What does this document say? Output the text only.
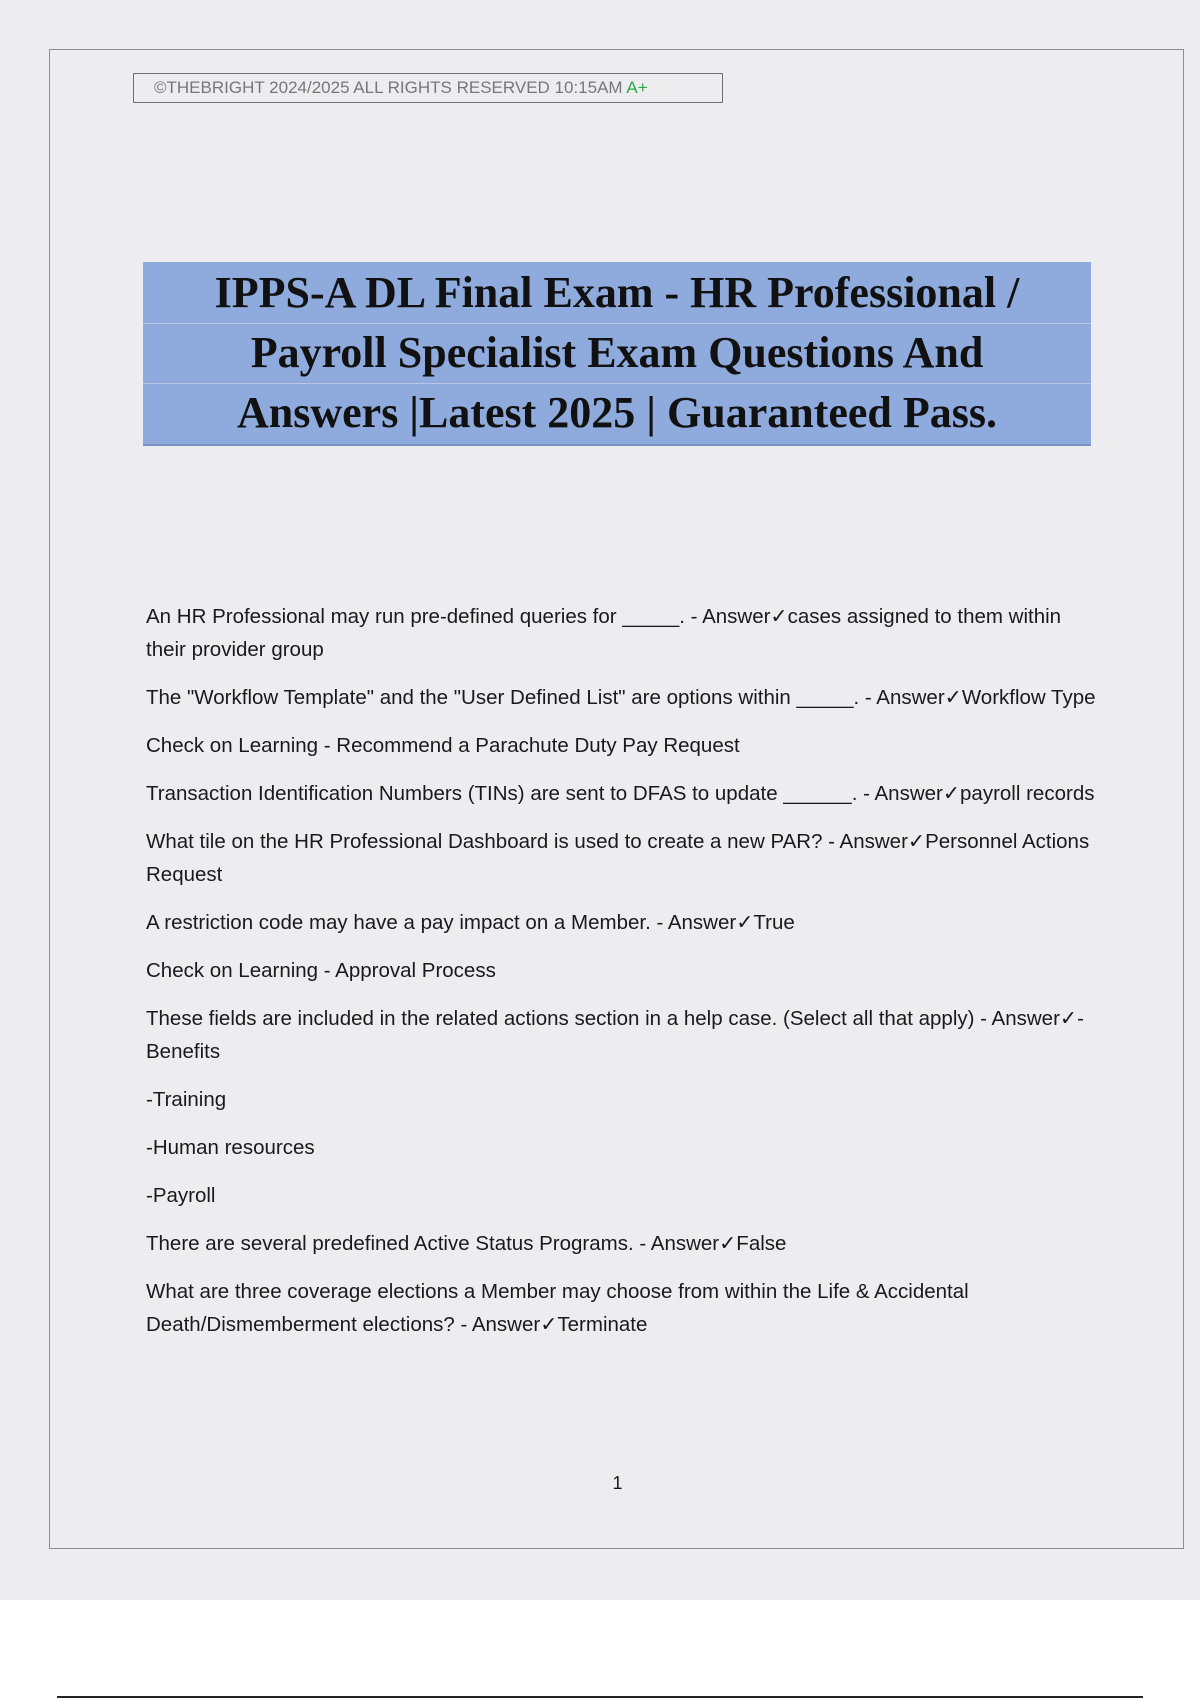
©THEBRIGHT 2024/2025 ALL RIGHTS RESERVED 10:15AM A+
IPPS-A DL Final Exam - HR Professional /
Payroll Specialist Exam Questions And
Answers |Latest 2025 | Guaranteed Pass.
An HR Professional may run pre-defined queries for _____. - Answer✓cases assigned to them within their provider group
The "Workflow Template" and the "User Defined List" are options within _____. - Answer✓Workflow Type
Check on Learning - Recommend a Parachute Duty Pay Request
Transaction Identification Numbers (TINs) are sent to DFAS to update ______. - Answer✓payroll records
What tile on the HR Professional Dashboard is used to create a new PAR? - Answer✓Personnel Actions Request
A restriction code may have a pay impact on a Member. - Answer✓True
Check on Learning - Approval Process
These fields are included in the related actions section in a help case. (Select all that apply) - Answer✓-Benefits
-Training
-Human resources
-Payroll
There are several predefined Active Status Programs. - Answer✓False
What are three coverage elections a Member may choose from within the Life & Accidental Death/Dismemberment elections? - Answer✓Terminate
1
